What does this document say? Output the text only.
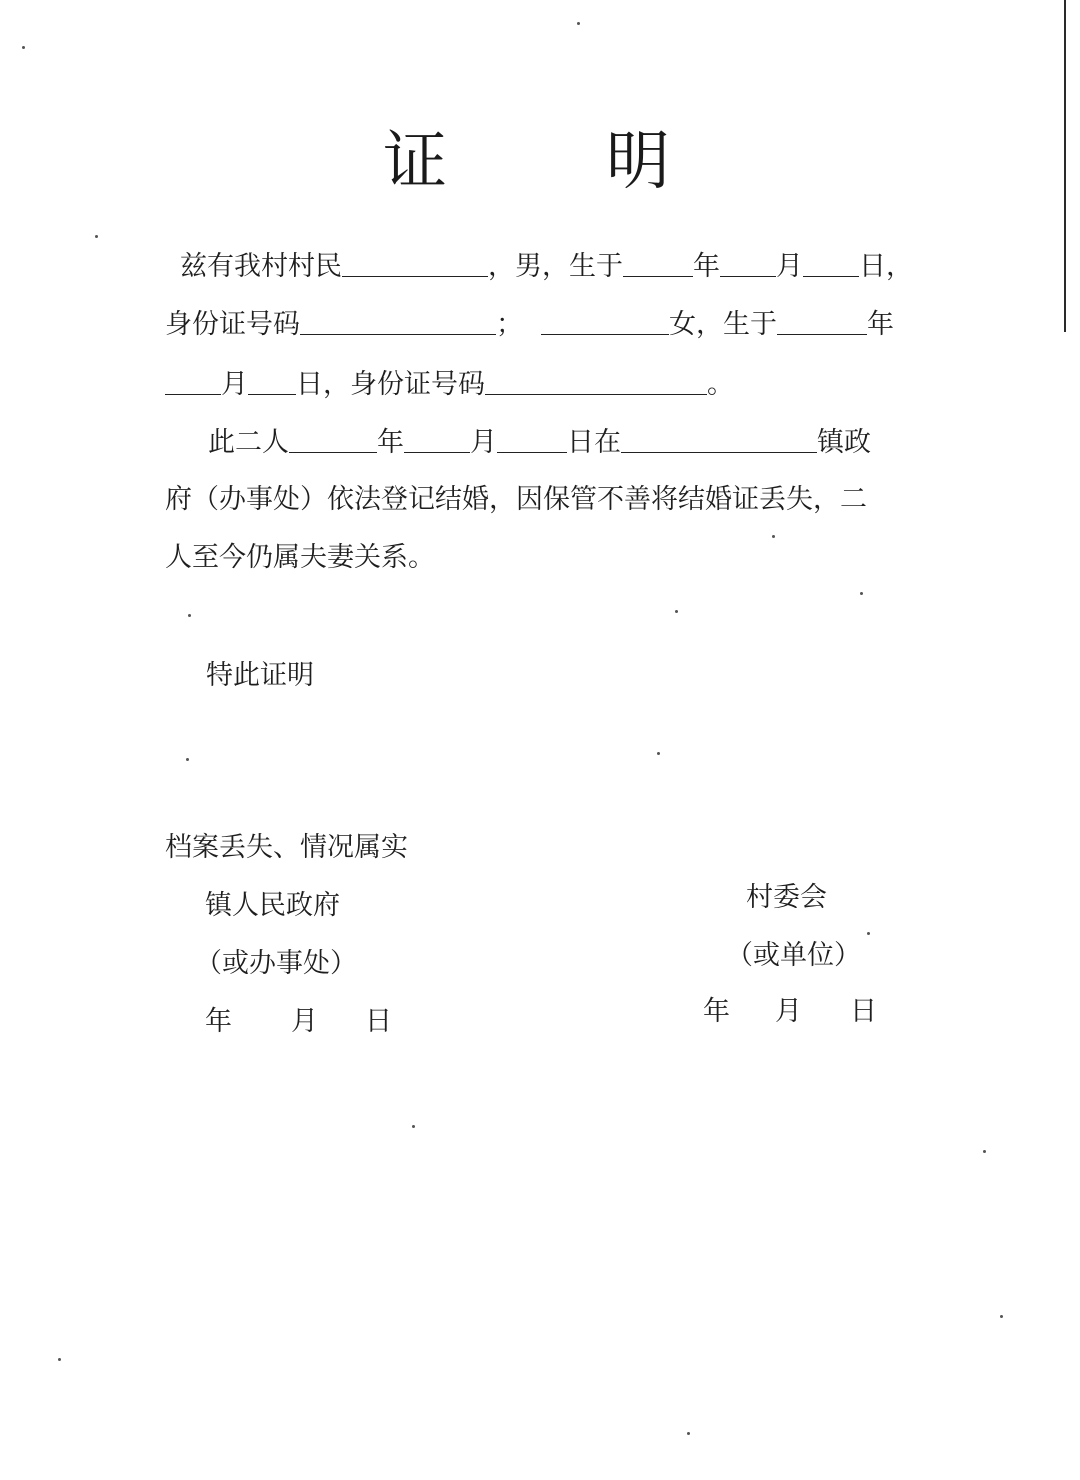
证 明
兹有我村村民	，男，生于	年 月 日，
身份证号码	；	女，生于	年
月 日，身份证号码	。
此二人	年 月	日在	镇政
府（办事处）依法登记结婚，因保管不善将结婚证丢失，二
人至今仍属夫妻关系。
特此证明
档案丢失、情况属实
镇人民政府
（或办事处）
年 月 日
村委会
（或单位）
年 月 日
